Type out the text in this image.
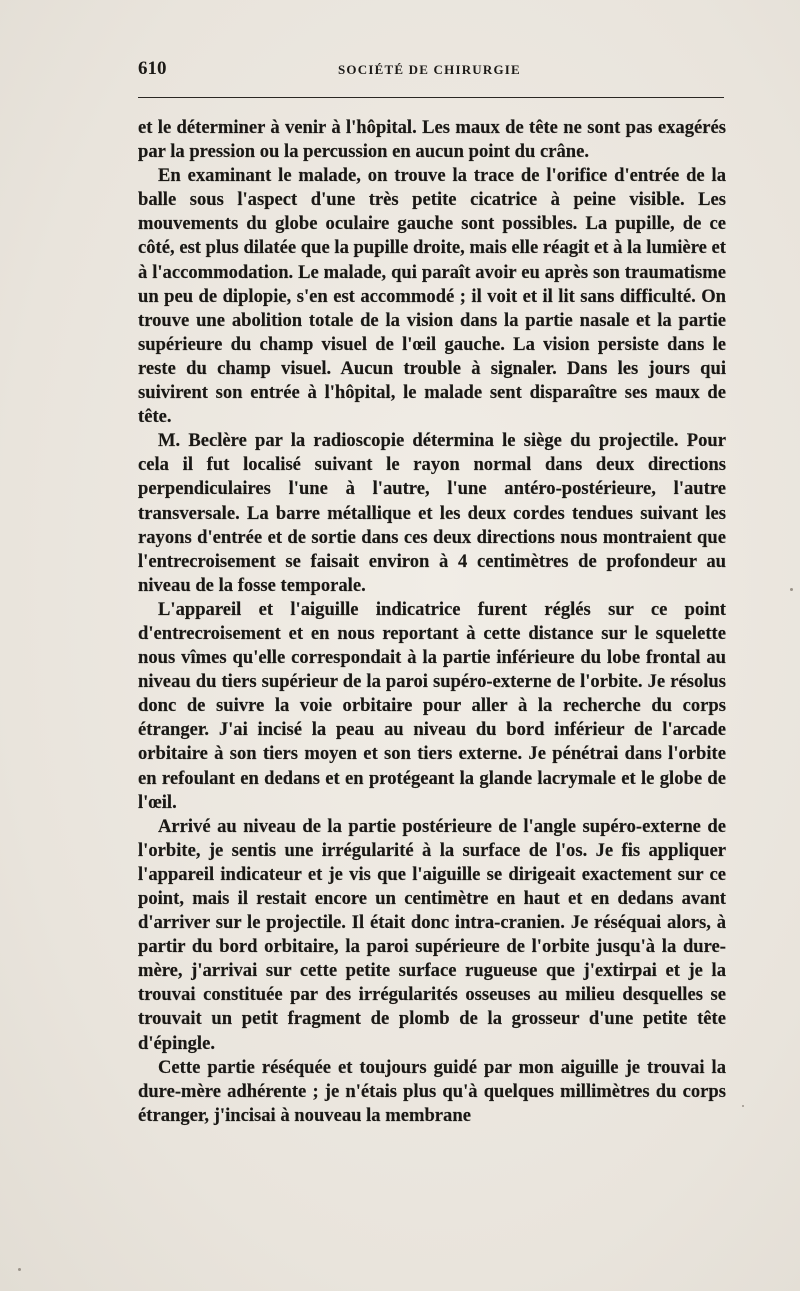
610	SOCIÉTÉ DE CHIRURGIE

et le déterminer à venir à l'hôpital. Les maux de tête ne sont pas exagérés par la pression ou la percussion en aucun point du crâne.

En examinant le malade, on trouve la trace de l'orifice d'entrée de la balle sous l'aspect d'une très petite cicatrice à peine visible. Les mouvements du globe oculaire gauche sont possibles. La pupille, de ce côté, est plus dilatée que la pupille droite, mais elle réagit et à la lumière et à l'accommodation. Le malade, qui paraît avoir eu après son traumatisme un peu de diplopie, s'en est accommodé ; il voit et il lit sans difficulté. On trouve une abolition totale de la vision dans la partie nasale et la partie supérieure du champ visuel de l'œil gauche. La vision persiste dans le reste du champ visuel. Aucun trouble à signaler. Dans les jours qui suivirent son entrée à l'hôpital, le malade sent disparaître ses maux de tête.

M. Beclère par la radioscopie détermina le siège du projectile. Pour cela il fut localisé suivant le rayon normal dans deux directions perpendiculaires l'une à l'autre, l'une antéro-postérieure, l'autre transversale. La barre métallique et les deux cordes tendues suivant les rayons d'entrée et de sortie dans ces deux directions nous montraient que l'entrecroisement se faisait environ à 4 centimètres de profondeur au niveau de la fosse temporale.

L'appareil et l'aiguille indicatrice furent réglés sur ce point d'entrecroisement et en nous reportant à cette distance sur le squelette nous vîmes qu'elle correspondait à la partie inférieure du lobe frontal au niveau du tiers supérieur de la paroi supéro-externe de l'orbite. Je résolus donc de suivre la voie orbitaire pour aller à la recherche du corps étranger. J'ai incisé la peau au niveau du bord inférieur de l'arcade orbitaire à son tiers moyen et son tiers externe. Je pénétrai dans l'orbite en refoulant en dedans et en protégeant la glande lacrymale et le globe de l'œil.

Arrivé au niveau de la partie postérieure de l'angle supéro-externe de l'orbite, je sentis une irrégularité à la surface de l'os. Je fis appliquer l'appareil indicateur et je vis que l'aiguille se dirigeait exactement sur ce point, mais il restait encore un centimètre en haut et en dedans avant d'arriver sur le projectile. Il était donc intra-cranien. Je réséquai alors, à partir du bord orbitaire, la paroi supérieure de l'orbite jusqu'à la dure-mère, j'arrivai sur cette petite surface rugueuse que j'extirpai et je la trouvai constituée par des irrégularités osseuses au milieu desquelles se trouvait un petit fragment de plomb de la grosseur d'une petite tête d'épingle.

Cette partie réséquée et toujours guidé par mon aiguille je trouvai la dure-mère adhérente ; je n'étais plus qu'à quelques millimètres du corps étranger, j'incisai à nouveau la membrane
